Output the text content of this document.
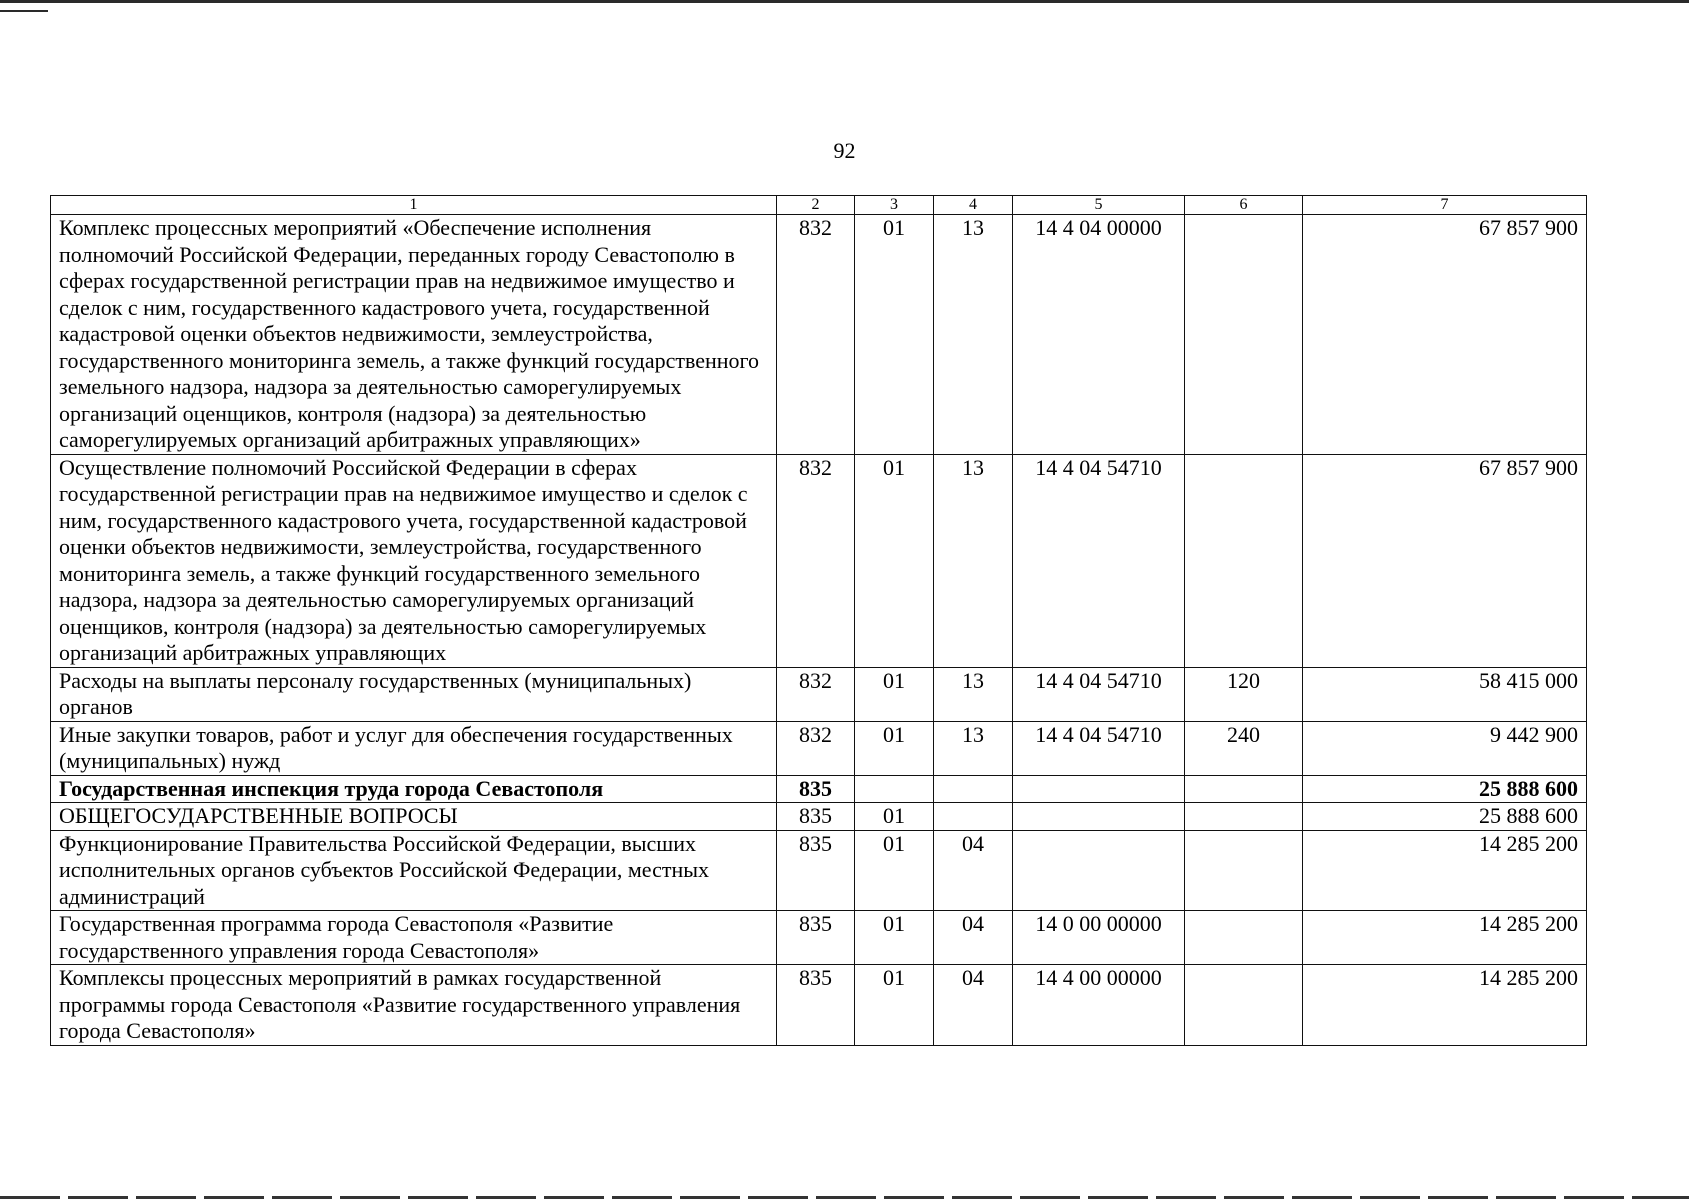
92
1	2	3	4	5	6	7
Комплекс процессных мероприятий «Обеспечение исполнения полномочий Российской Федерации, переданных городу Севастополю в сферах государственной регистрации прав на недвижимое имущество и сделок с ним, государственного кадастрового учета, государственной кадастровой оценки объектов недвижимости, землеустройства, государственного мониторинга земель, а также функций государственного земельного надзора, надзора за деятельностью саморегулируемых организаций оценщиков, контроля (надзора) за деятельностью саморегулируемых организаций арбитражных управляющих»	832	01	13	14 4 04 00000		67 857 900
Осуществление полномочий Российской Федерации в сферах государственной регистрации прав на недвижимое имущество и сделок с ним, государственного кадастрового учета, государственной кадастровой оценки объектов недвижимости, землеустройства, государственного мониторинга земель, а также функций государственного земельного надзора, надзора за деятельностью саморегулируемых организаций оценщиков, контроля (надзора) за деятельностью саморегулируемых организаций арбитражных управляющих	832	01	13	14 4 04 54710		67 857 900
Расходы на выплаты персоналу государственных (муниципальных) органов	832	01	13	14 4 04 54710	120	58 415 000
Иные закупки товаров, работ и услуг для обеспечения государственных (муниципальных) нужд	832	01	13	14 4 04 54710	240	9 442 900
Государственная инспекция труда города Севастополя	835					25 888 600
ОБЩЕГОСУДАРСТВЕННЫЕ ВОПРОСЫ	835	01				25 888 600
Функционирование Правительства Российской Федерации, высших исполнительных органов субъектов Российской Федерации, местных администраций	835	01	04			14 285 200
Государственная программа города Севастополя «Развитие государственного управления города Севастополя»	835	01	04	14 0 00 00000		14 285 200
Комплексы процессных мероприятий в рамках государственной программы города Севастополя «Развитие государственного управления города Севастополя»	835	01	04	14 4 00 00000		14 285 200
